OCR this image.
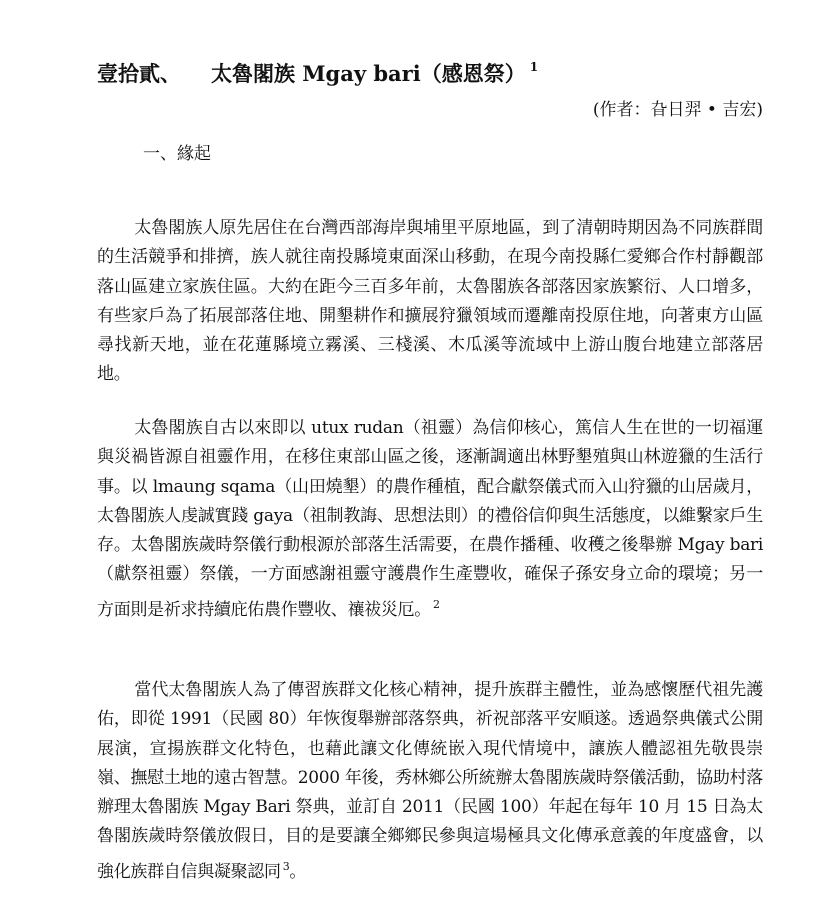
壹拾貳、 太魯閣族 Mgay bari（感恩祭） $^1$
(作者：旮日羿 • 吉宏)
一、緣起

太魯閣族人原先居住在台灣西部海岸與埔里平原地區，到了清朝時期因為不同族群間的生活競爭和排擠，族人就往南投縣境東面深山移動，在現今南投縣仁愛鄉合作村靜觀部落山區建立家族住區。大約在距今三百多年前，太魯閣族各部落因家族繁衍、人口增多，有些家戶為了拓展部落住地、開墾耕作和擴展狩獵領域而遷離南投原住地，向著東方山區尋找新天地，並在花蓮縣境立霧溪、三棧溪、木瓜溪等流域中上游山腹台地建立部落居地。

太魯閣族自古以來即以 utux rudan（祖靈）為信仰核心，篤信人生在世的一切福運與災禍皆源自祖靈作用，在移住東部山區之後，逐漸調適出林野墾殖與山林遊獵的生活行事。以 lmaung sqama（山田燒墾）的農作種植，配合獻祭儀式而入山狩獵的山居歲月，太魯閣族人虔誠實踐 gaya（祖制教誨、思想法則）的禮俗信仰與生活態度，以維繫家戶生存。太魯閣族歲時祭儀行動根源於部落生活需要，在農作播種、收穫之後舉辦 Mgay bari（獻祭祖靈）祭儀，一方面感謝祖靈守護農作生產豐收，確保子孫安身立命的環境；另一方面則是祈求持續庇佑農作豐收、禳祓災厄。 $^2$

當代太魯閣族人為了傳習族群文化核心精神，提升族群主體性，並為感懷歷代祖先護佑，即從 1991（民國 80）年恢復舉辦部落祭典，祈祝部落平安順遂。透過祭典儀式公開展演，宣揚族群文化特色，也藉此讓文化傳統嵌入現代情境中，讓族人體認祖先敬畏崇嶺、撫慰土地的遠古智慧。2000 年後，秀林鄉公所統辦太魯閣族歲時祭儀活動，協助村落辦理太魯閣族 Mgay Bari 祭典，並訂自 2011（民國 100）年起在每年 10 月 15 日為太魯閣族歲時祭儀放假日，目的是要讓全鄉鄉民參與這場極具文化傳承意義的年度盛會，以強化族群自信與凝聚認同 $^3$。
